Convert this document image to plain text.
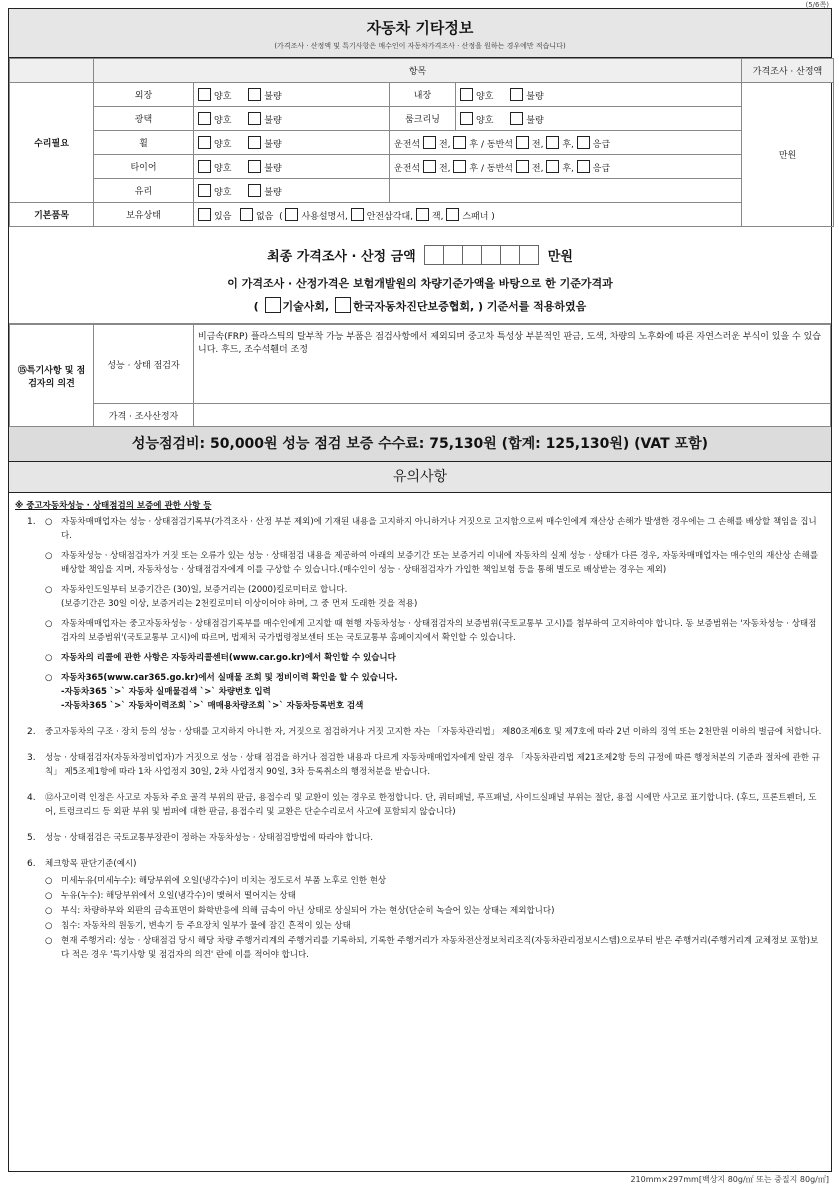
(5/6쪽)
자동차 기타정보
(가격조사 · 산정액 및 특기사항은 매수인이 자동차가격조사 · 산정을 원하는 경우에만 적습니다)
	항목				가격조사 · 산정액
수리필요	외장	양호 불량	내장	양호 불량	만원
	광택	양호 불량	룸크리닝	양호 불량	
	휠	양호 불량	운전석 전, 후 / 동반석 전, 후, 응급		
	타이어	양호 불량	운전석 전, 후 / 동반석 전, 후, 응급		
	유리	양호 불량			
기본품목	보유상태	있음 없음  ( 사용설명서, 안전삼각대, 잭, 스패너 )			
최종 가격조사 · 산정 금액	만원
이 가격조사 · 산정가격은 보험개발원의 차량기준가액을 바탕으로 한 기준가격과
( 기술사회, 한국자동차진단보증협회, ) 기준서를 적용하였음
⑮특기사항 및 점검자의 의견	성능 · 상태 점검자	비금속(FRP) 플라스틱의 탈부착 가능 부품은 점검사항에서 제외되며 중고차 특성상 부분적인 판금, 도색, 차량의 노후화에 따른 자연스러운 부식이 있을 수 있습니다. 후드, 조수석휀더 조정
	가격 · 조사산정자	
성능점검비: 50,000원 성능 점검 보증 수수료: 75,130원 (합계: 125,130원) (VAT 포함)
유의사항
※ 중고자동차성능 · 상태점검의 보증에 관한 사항 등
1. ○ 자동차매매업자는 성능 · 상태점검기록부(가격조사 · 산정 부분 제외)에 기재된 내용을 고지하지 아니하거나 거짓으로 고지함으로써 매수인에게 재산상 손해가 발생한 경우에는 그 손해를 배상할 책임을 집니다.
○ 자동차성능 · 상태점검자가 거짓 또는 오류가 있는 성능 · 상태점검 내용을 제공하여 아래의 보증기간 또는 보증거리 이내에 자동차의 실제 성능 · 상태가 다른 경우, 자동차매매업자는 매수인의 재산상 손해를 배상할 책임을 지며, 자동차성능 · 상태점검자에게 이를 구상할 수 있습니다.(매수인이 성능 · 상태점검자가 가입한 책임보험 등을 통해 별도로 배상받는 경우는 제외)
○ 자동차인도일부터 보증기간은 (30)일, 보증거리는 (2000)킬로미터로 합니다.
(보증기간은 30일 이상, 보증거리는 2천킬로미터 이상이어야 하며, 그 중 먼저 도래한 것을 적용)
○ 자동차매매업자는 중고자동차성능 · 상태점검기록부를 매수인에게 고지할 때 현행 자동차성능 · 상태점검자의 보증범위(국토교통부 고시)를 첨부하여 고지하여야 합니다. 동 보증범위는 '자동차성능 · 상태점검자의 보증범위'(국토교통부 고시)에 따르며, 법제처 국가법령정보센터 또는 국토교통부 홈페이지에서 확인할 수 있습니다.
○ 자동차의 리콜에 관한 사항은 자동차리콜센터(www.car.go.kr)에서 확인할 수 있습니다
○ 자동차365(www.car365.go.kr)에서 실매물 조회 및 정비이력 확인을 할 수 있습니다.
-자동차365 `>` 자동차 실매물검색 `>` 차량번호 입력
-자동차365 `>` 자동차이력조회 `>` 매매용차량조회 `>` 자동차등록번호 검색
2. 중고자동차의 구조 · 장치 등의 성능 · 상태를 고지하지 아니한 자, 거짓으로 점검하거나 거짓 고지한 자는 「자동차관리법」 제80조제6호 및 제7호에 따라 2년 이하의 징역 또는 2천만원 이하의 벌금에 처합니다.
3. 성능 · 상태점검자(자동차정비업자)가 거짓으로 성능 · 상태 점검을 하거나 점검한 내용과 다르게 자동차매매업자에게 알린 경우 「자동차관리법 제21조제2항 등의 규정에 따른 행정처분의 기준과 절차에 관한 규칙」 제5조제1항에 따라 1차 사업정지 30일, 2차 사업정지 90일, 3차 등록취소의 행정처분을 받습니다.
4. ⑫사고이력 인정은 사고로 자동차 주요 골격 부위의 판금, 용접수리 및 교환이 있는 경우로 한정합니다. 단, 쿼터패널, 루프패널, 사이드실패널 부위는 절단, 용접 시에만 사고로 표기합니다. (후드, 프론트펜더, 도어, 트렁크리드 등 외판 부위 및 범퍼에 대한 판금, 용접수리 및 교환은 단순수리로서 사고에 포함되지 않습니다)
5. 성능 · 상태점검은 국토교통부장관이 정하는 자동차성능 · 상태점검방법에 따라야 합니다.
6. 체크항목 판단기준(예시)
○ 미세누유(미세누수): 해당부위에 오일(냉각수)이 비치는 정도로서 부품 노후로 인한 현상
○ 누유(누수): 해당부위에서 오일(냉각수)이 맺혀서 떨어지는 상태
○ 부식: 차량하부와 외판의 금속표면이 화학반응에 의해 금속이 아닌 상태로 상실되어 가는 현상(단순히 녹슬어 있는 상태는 제외합니다)
○ 침수: 자동차의 원동기, 변속기 등 주요장치 일부가 물에 잠긴 흔적이 있는 상태
○ 현재 주행거리: 성능 · 상태점검 당시 해당 차량 주행거리계의 주행거리를 기록하되, 기록한 주행거리가 자동차전산정보처리조직(자동차관리정보시스템)으로부터 받은 주행거리(주행거리계 교체정보 포함)보다 적은 경우 '특기사항 및 점검자의 의견' 란에 이를 적어야 합니다.
210mm×297mm[백상지 80g/㎡ 또는 중질지 80g/㎡]
